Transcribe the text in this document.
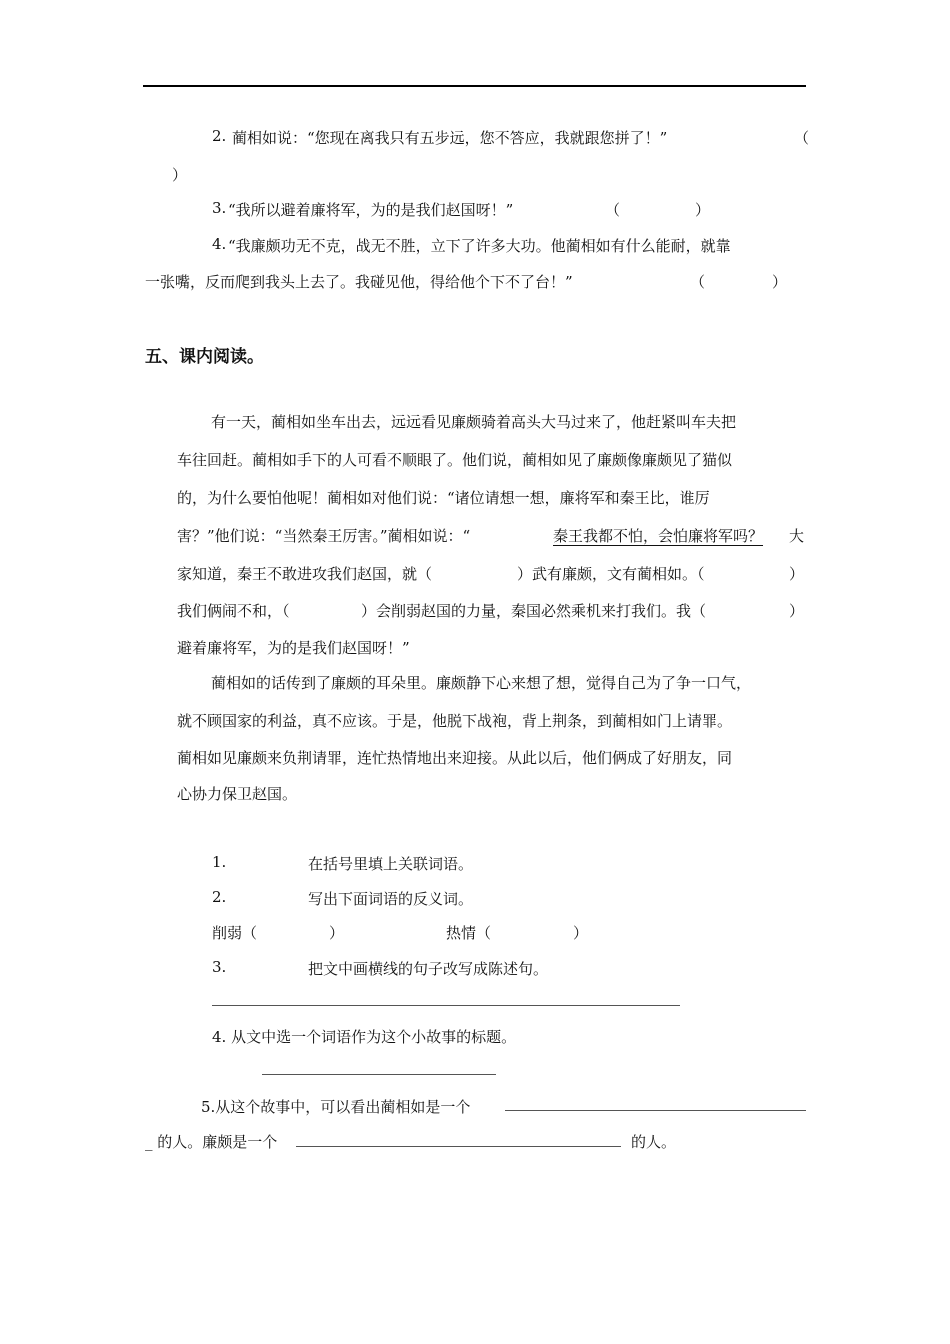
2. 蔺相如说：“您现在离我只有五步远，您不答应，我就跟您拼了！”	（
）
3. “我所以避着廉将军，为的是我们赵国呀！”	（	）
4. “我廉颇功无不克，战无不胜，立下了许多大功。他蔺相如有什么能耐，就靠
一张嘴，反而爬到我头上去了。我碰见他，得给他个下不了台！”	（	）
五、课内阅读。
有一天，蔺相如坐车出去，远远看见廉颇骑着高头大马过来了，他赶紧叫车夫把
车往回赶。蔺相如手下的人可看不顺眼了。他们说，蔺相如见了廉颇像廉颇见了猫似
的，为什么要怕他呢！蔺相如对他们说：“诸位请想一想，廉将军和秦王比，谁厉
害？”他们说：“当然秦王厉害。”蔺相如说：“	秦王我都不怕，会怕廉将军吗？ 大
家知道，秦王不敢进攻我们赵国，就（	）武有廉颇，文有蔺相如。（	）
我们俩闹不和，（	）会削弱赵国的力量，秦国必然乘机来打我们。我（	）
避着廉将军，为的是我们赵国呀！”
蔺相如的话传到了廉颇的耳朵里。廉颇静下心来想了想，觉得自己为了争一口气，
就不顾国家的利益，真不应该。于是，他脱下战袍，背上荆条，到蔺相如门上请罪。
蔺相如见廉颇来负荆请罪，连忙热情地出来迎接。从此以后，他们俩成了好朋友，同
心协力保卫赵国。
1.	在括号里填上关联词语。
2.	写出下面词语的反义词。
削弱（	）	热情（	）
3.	把文中画横线的句子改写成陈述句。
4. 从文中选一个词语作为这个小故事的标题。
5.从这个故事中，可以看出蔺相如是一个
_ 的人。廉颇是一个	的人。
